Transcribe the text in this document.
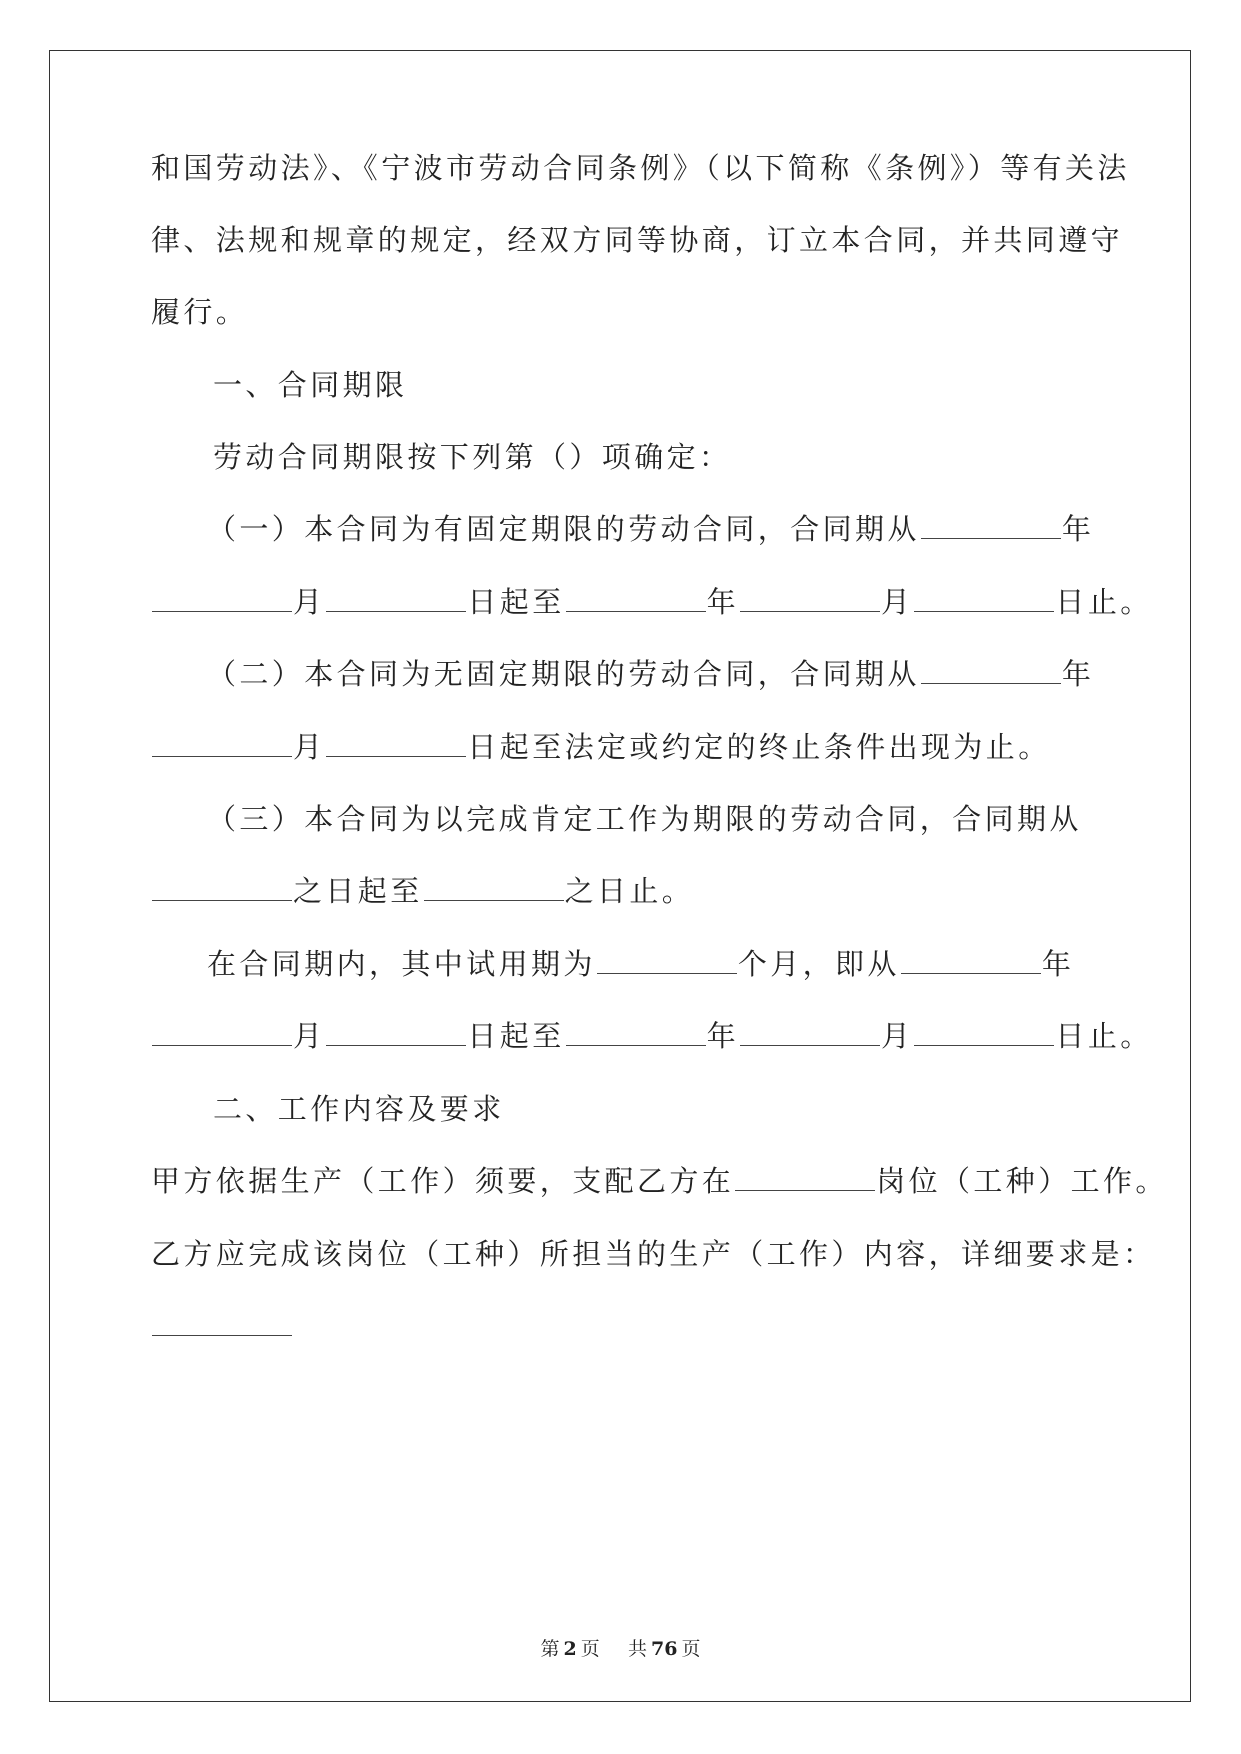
和国劳动法》、《宁波市劳动合同条例》（以下简称《条例》）等有关法
律、法规和规章的规定，经双方同等协商，订立本合同，并共同遵守
履行。
一、合同期限
劳动合同期限按下列第（）项确定：
（一）本合同为有固定期限的劳动合同，合同期从	年
月	日起至	年	月	日止。
（二）本合同为无固定期限的劳动合同，合同期从	年
月	日起至法定或约定的终止条件出现为止。
（三）本合同为以完成肯定工作为期限的劳动合同，合同期从
之日起至	之日止。
在合同期内，其中试用期为	个月，即从	年
月	日起至	年	月	日止。
二、工作内容及要求
甲方依据生产（工作）须要，支配乙方在	岗位（工种）工作。
乙方应完成该岗位（工种）所担当的生产（工作）内容，详细要求是：
第 2 页 共 76 页
